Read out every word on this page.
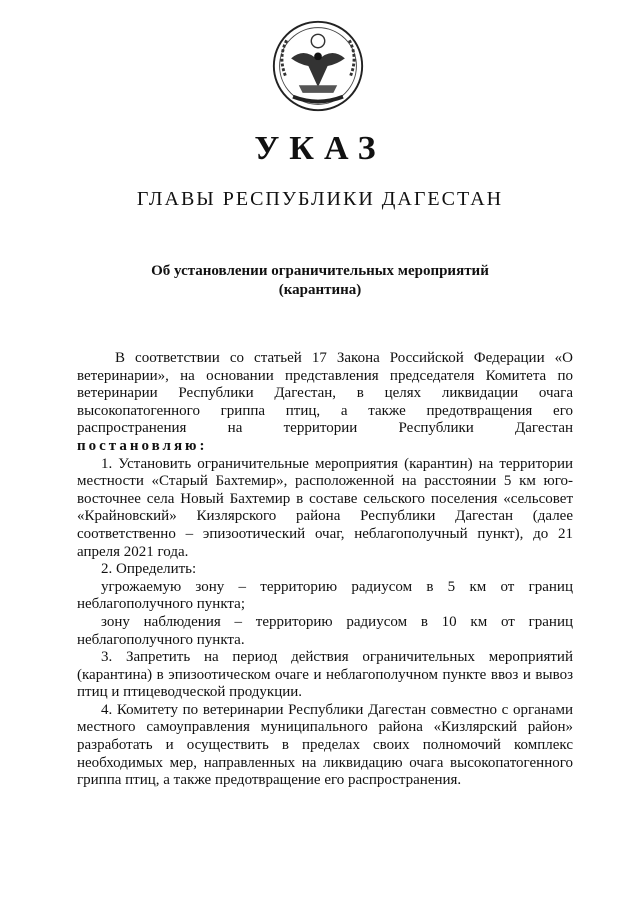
УКАЗ
ГЛАВЫ РЕСПУБЛИКИ ДАГЕСТАН
Об установлении ограничительных мероприятий
(карантина)

В соответствии со статьей 17 Закона Российской Федерации «О ветеринарии», на основании представления председателя Комитета по ветеринарии Республики Дагестан, в целях ликвидации очага высокопатогенного гриппа птиц, а также предотвращения его распространения на территории Республики Дагестан

постановляю:

1. Установить ограничительные мероприятия (карантин) на территории местности «Старый Бахтемир», расположенной на расстоянии 5 км юго-восточнее села Новый Бахтемир в составе сельского поселения «сельсовет «Крайновский» Кизлярского района Республики Дагестан (далее соответственно – эпизоотический очаг, неблагополучный пункт), до 21 апреля 2021 года.

2. Определить:

угрожаемую зону – территорию радиусом в 5 км от границ неблагополучного пункта;

зону наблюдения – территорию радиусом в 10 км от границ неблагополучного пункта.

3. Запретить на период действия ограничительных мероприятий (карантина) в эпизоотическом очаге и неблагополучном пункте ввоз и вывоз птиц и птицеводческой продукции.

4. Комитету по ветеринарии Республики Дагестан совместно с органами местного самоуправления муниципального района «Кизлярский район» разработать и осуществить в пределах своих полномочий комплекс необходимых мер, направленных на ликвидацию очага высокопатогенного гриппа птиц, а также предотвращение его распространения.
